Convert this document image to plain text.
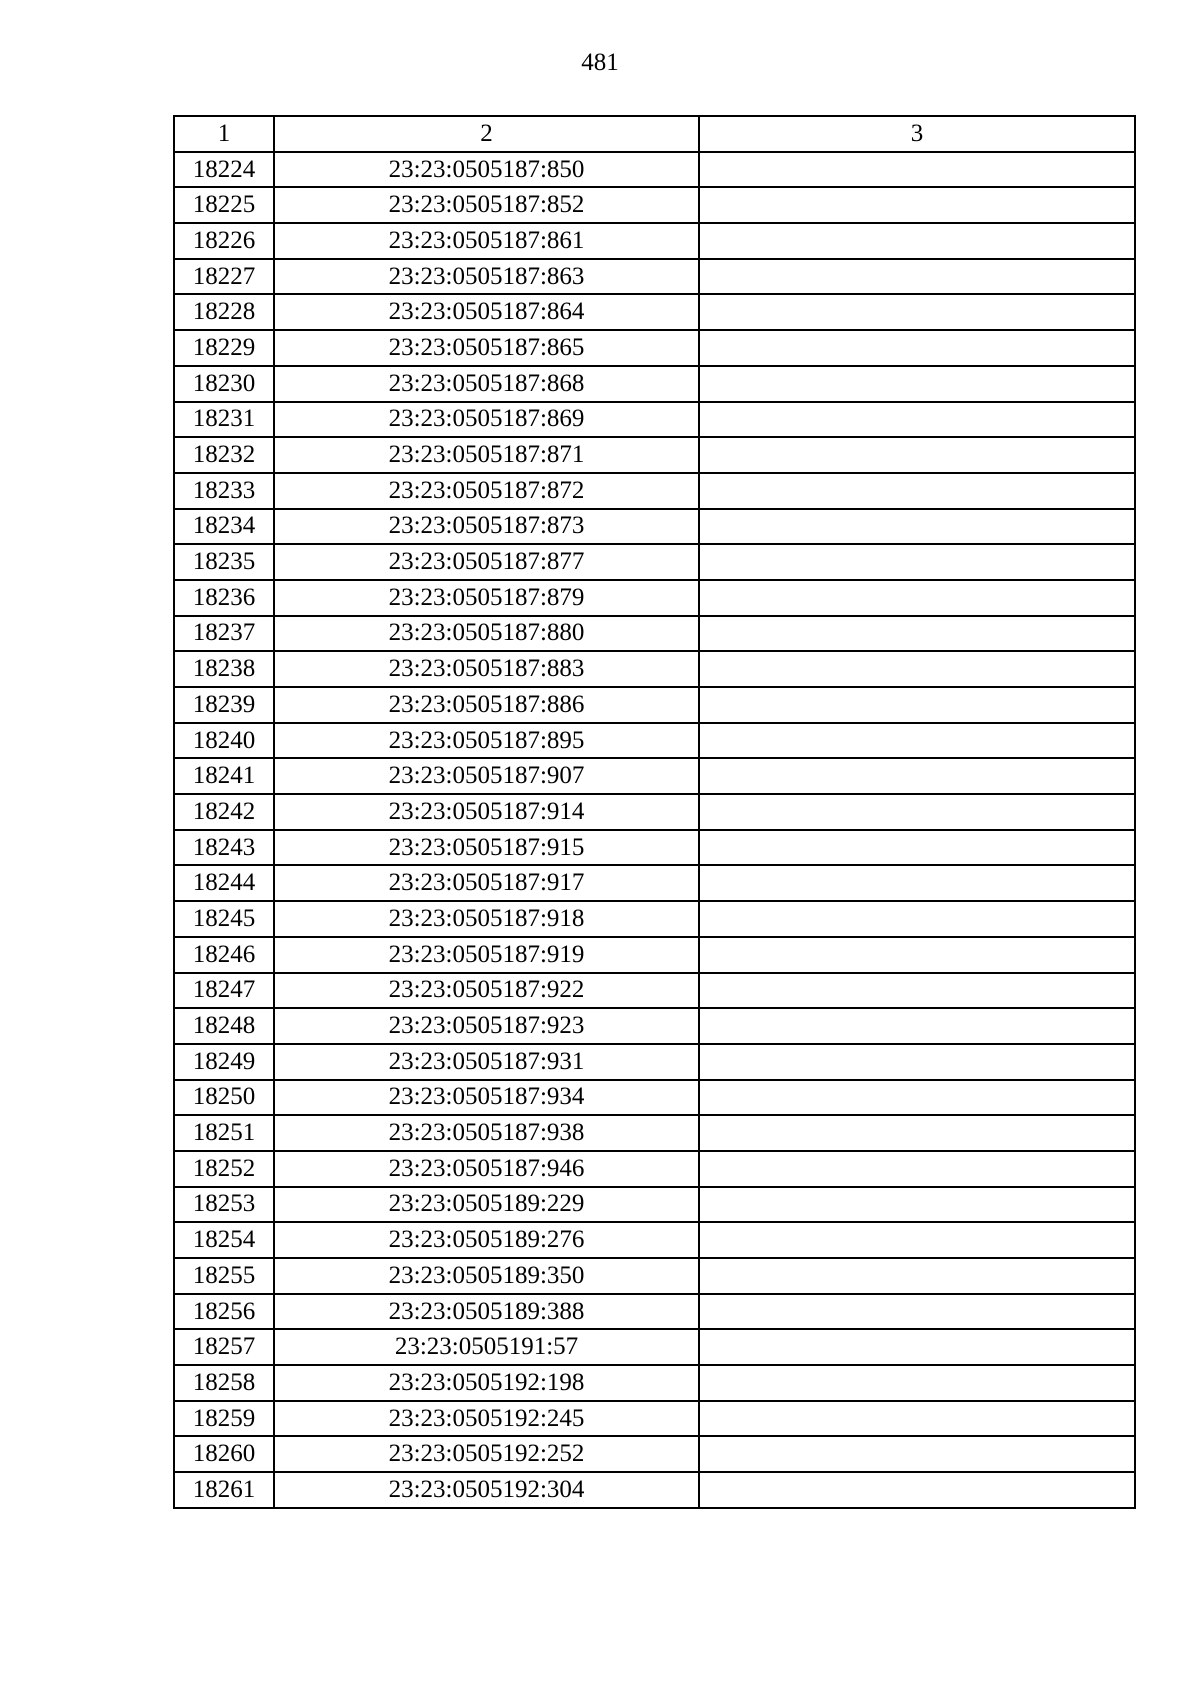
481
1	2	3
18224	23:23:0505187:850	
18225	23:23:0505187:852	
18226	23:23:0505187:861	
18227	23:23:0505187:863	
18228	23:23:0505187:864	
18229	23:23:0505187:865	
18230	23:23:0505187:868	
18231	23:23:0505187:869	
18232	23:23:0505187:871	
18233	23:23:0505187:872	
18234	23:23:0505187:873	
18235	23:23:0505187:877	
18236	23:23:0505187:879	
18237	23:23:0505187:880	
18238	23:23:0505187:883	
18239	23:23:0505187:886	
18240	23:23:0505187:895	
18241	23:23:0505187:907	
18242	23:23:0505187:914	
18243	23:23:0505187:915	
18244	23:23:0505187:917	
18245	23:23:0505187:918	
18246	23:23:0505187:919	
18247	23:23:0505187:922	
18248	23:23:0505187:923	
18249	23:23:0505187:931	
18250	23:23:0505187:934	
18251	23:23:0505187:938	
18252	23:23:0505187:946	
18253	23:23:0505189:229	
18254	23:23:0505189:276	
18255	23:23:0505189:350	
18256	23:23:0505189:388	
18257	23:23:0505191:57	
18258	23:23:0505192:198	
18259	23:23:0505192:245	
18260	23:23:0505192:252	
18261	23:23:0505192:304	
